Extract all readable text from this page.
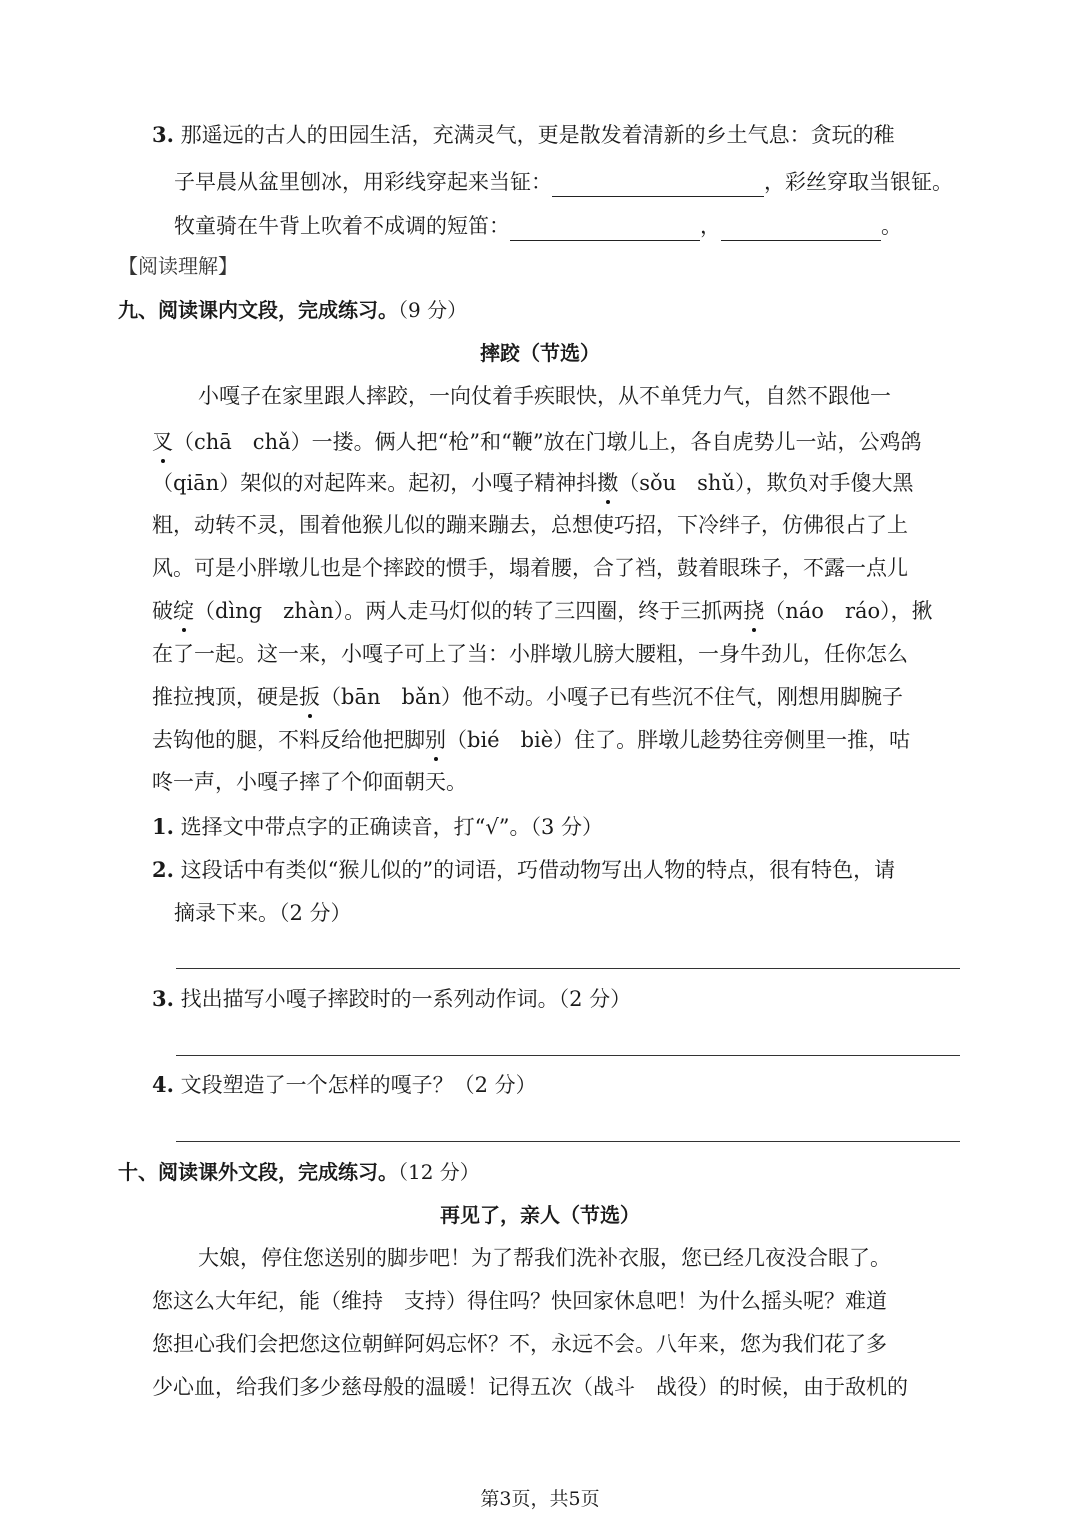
3. 那遥远的古人的田园生活，充满灵气，更是散发着清新的乡土气息：贪玩的稚
子早晨从盆里刨冰，用彩线穿起来当钲：	，彩丝穿取当银钲。
牧童骑在牛背上吹着不成调的短笛：	，	。
【阅读理解】
九、阅读课内文段，完成练习。（9 分）
摔跤（节选）
小嘎子在家里跟人摔跤，一向仗着手疾眼快，从不单凭力气，自然不跟他一
叉（chā　chǎ）一搂。俩人把“枪”和“鞭”放在门墩儿上，各自虎势儿一站，公鸡鸽
（qiān）架似的对起阵来。起初，小嘎子精神抖擞（sǒu　shǔ），欺负对手傻大黑
粗，动转不灵，围着他猴儿似的蹦来蹦去，总想使巧招，下冷绊子，仿佛很占了上
风。可是小胖墩儿也是个摔跤的惯手，塌着腰，合了裆，鼓着眼珠子，不露一点儿
破绽（dìng　zhàn）。两人走马灯似的转了三四圈，终于三抓两挠（náo　ráo），揪
在了一起。这一来，小嘎子可上了当：小胖墩儿膀大腰粗，一身牛劲儿，任你怎么
推拉拽顶，硬是扳（bān　bǎn）他不动。小嘎子已有些沉不住气，刚想用脚腕子
去钩他的腿，不料反给他把脚别（bié　biè）住了。胖墩儿趁势往旁侧里一推，咕
咚一声，小嘎子摔了个仰面朝天。
1. 选择文中带点字的正确读音，打“√”。（3 分）
2. 这段话中有类似“猴儿似的”的词语，巧借动物写出人物的特点，很有特色，请
摘录下来。（2 分）
3. 找出描写小嘎子摔跤时的一系列动作词。（2 分）
4. 文段塑造了一个怎样的嘎子？（2 分）
十、阅读课外文段，完成练习。（12 分）
再见了，亲人（节选）
大娘，停住您送别的脚步吧！为了帮我们洗补衣服，您已经几夜没合眼了。
您这么大年纪，能（维持　支持）得住吗？快回家休息吧！为什么摇头呢？难道
您担心我们会把您这位朝鲜阿妈忘怀？不，永远不会。八年来，您为我们花了多
少心血，给我们多少慈母般的温暖！记得五次（战斗　战役）的时候，由于敌机的
第3页，共5页
